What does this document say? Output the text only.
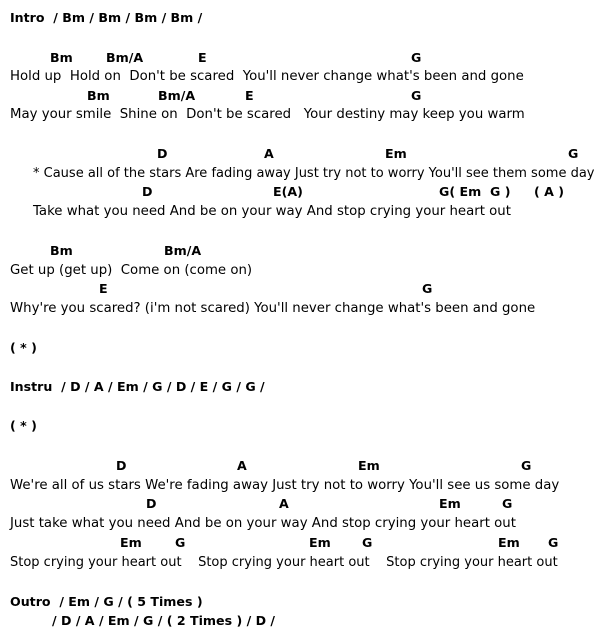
Intro  / Bm / Bm / Bm / Bm /
Bm	Bm/A	E	G
Hold up  Hold on  Don't be scared  You'll never change what's been and gone
Bm	Bm/A	E	G
May your smile  Shine on  Don't be scared   Your destiny may keep you warm
D	A	Em	G
* Cause all of the stars Are fading away Just try not to worry You'll see them some day
D	E(A)	G( Em  G ) ( A )
Take what you need And be on your way And stop crying your heart out
Bm	Bm/A
Get up (get up)  Come on (come on)
E	G
Why're you scared? (i'm not scared) You'll never change what's been and gone
( * )
Instru  / D / A / Em / G / D / E / G / G /
( * )
D	A	Em	G
We're all of us stars We're fading away Just try not to worry You'll see us some day
D	A	Em	G
Just take what you need And be on your way And stop crying your heart out
Em	G	Em G	Em G
Stop crying your heart out    Stop crying your heart out    Stop crying your heart out
Outro  / Em / G / ( 5 Times )
/ D / A / Em / G / ( 2 Times ) / D /
